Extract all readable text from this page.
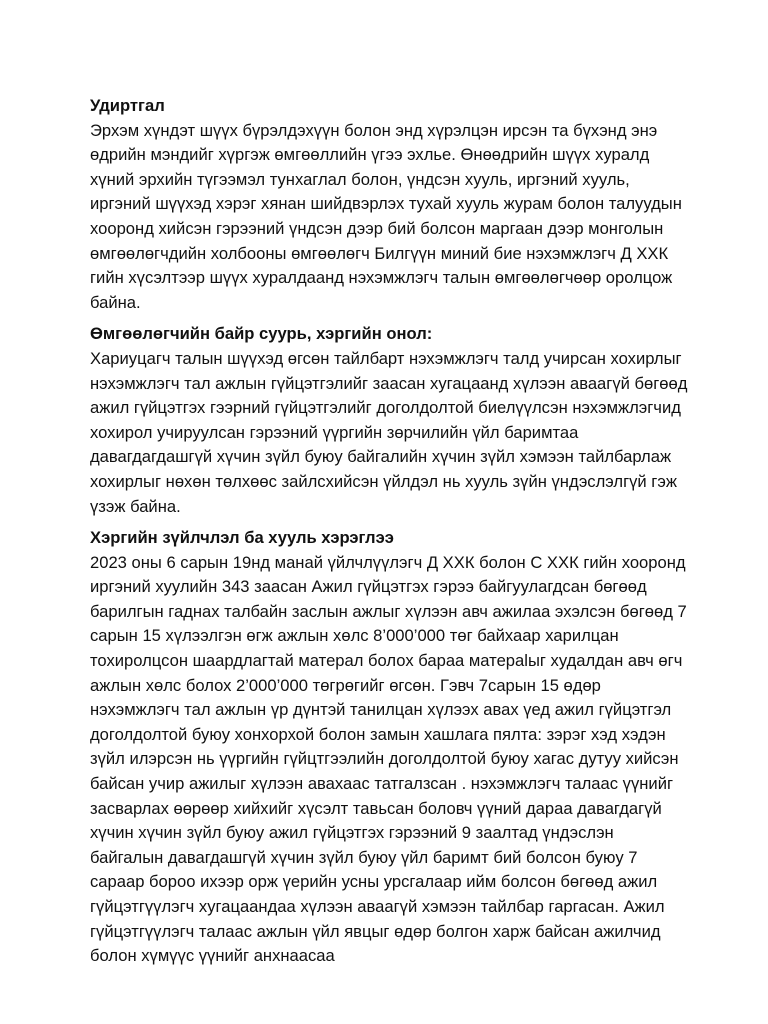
Удиртгал
Эрхэм хүндэт шүүх бүрэлдэхүүн болон энд хүрэлцэн ирсэн та бүхэнд энэ өдрийн мэндийг хүргэж өмгөөллийн үгээ эхлье. Өнөөдрийн шүүх хуралд хүний эрхийн түгээмэл тунхаглал болон, үндсэн хууль, иргэний хууль, иргэний шүүхэд хэрэг хянан шийдвэрлэх тухай хууль журам болон талуудын хооронд хийсэн гэрээний үндсэн дээр бий болсон маргаан дээр монголын өмгөөлөгчдийн холбооны өмгөөлөгч Билгүүн миний бие нэхэмжлэгч Д ХХК гийн хүсэлтээр шүүх хуралдаанд нэхэмжлэгч талын өмгөөлөгчөөр оролцож байна.
Өмгөөлөгчийн байр суурь, хэргийн онол:
Хариуцагч талын шүүхэд өгсөн тайлбарт нэхэмжлэгч талд учирсан хохирлыг нэхэмжлэгч тал ажлын гүйцэтгэлийг заасан хугацаанд хүлээн аваагүй бөгөөд ажил гүйцэтгэх гээрний гүйцэтгэлийг доголдолтой биелүүлсэн нэхэмжлэгчид хохирол учируулсан гэрээний үүргийн зөрчилийн үйл баримтаа давагдагдашгүй хүчин зүйл буюу байгалийн хүчин зүйл хэмээн тайлбарлаж хохирлыг нөхөн төлхөөс зайлсхийсэн үйлдэл нь хууль зүйн үндэслэлгүй гэж үзэж байна.
Хэргийн зүйлчлэл ба хууль хэрэглээ
2023 оны 6 сарын 19нд манай үйлчлүүлэгч Д ХХК болон С ХХК гийн хооронд иргэний хуулийн 343 заасан Ажил гүйцэтгэх гэрээ байгуулагдсан бөгөөд барилгын гаднах талбайн заслын ажлыг хүлээн авч ажилаа эхэлсэн бөгөөд 7 сарын 15 хүлээлгэн өгж ажлын хөлс 8’000’000 төг байхаар харилцан тохиролцсон шаардлагтай матерал болох бараа матерalыг худалдан авч өгч ажлын хөлс болох 2’000’000 төгрөгийг өгсөн. Гэвч 7сарын 15 өдөр нэхэмжлэгч тал ажлын үр дүнтэй танилцан хүлээх авах үед ажил гүйцэтгэл доголдолтой буюу хонхорхой болон замын хашлага пялта: зэрэг хэд хэдэн зүйл илэрсэн нь үүргийн гүйцтгээлийн доголдолтой буюу хагас дутуу хийсэн байсан учир ажилыг хүлээн авахаас татгалзсан . нэхэмжлэгч талаас үүнийг засварлах өөрөөр хийхийг хүсэлт тавьсан боловч үүний дараа давагдагүй хүчин хүчин зүйл буюу ажил гүйцэтгэх гэрээний 9 заалтад үндэслэн байгалын давагдашгүй хүчин зүйл буюу үйл баримт бий болсон буюу 7 сараар бороо ихээр орж үерийн усны урсгалаар ийм болсон бөгөөд ажил гүйцэтгүүлэгч хугацаандаа хүлээн аваагүй хэмээн тайлбар гаргасан. Ажил гүйцэтгүүлэгч талаас ажлын үйл явцыг өдөр болгон харж байсан ажилчид болон хүмүүс үүнийг анхнаасаа
